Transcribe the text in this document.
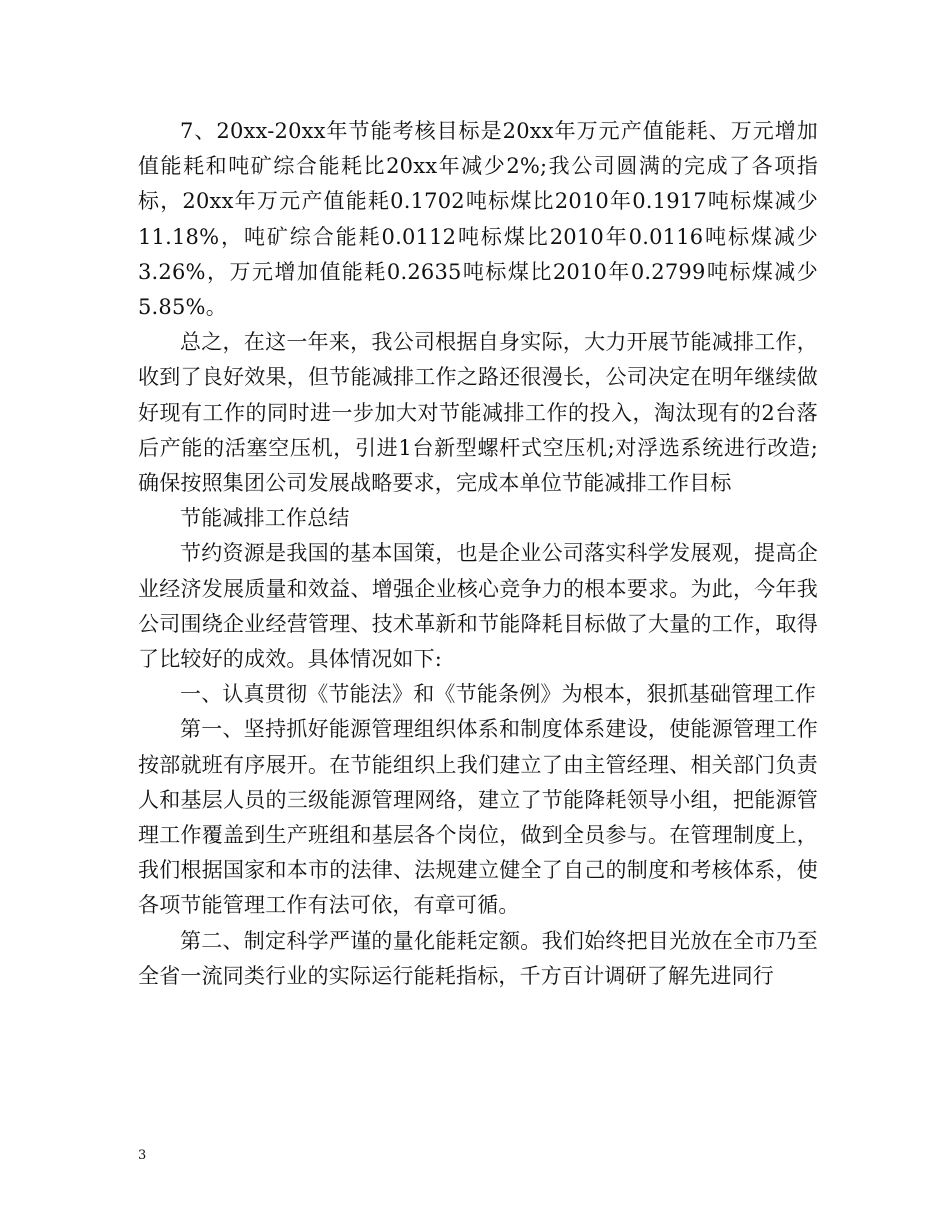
7、20xx-20xx年节能考核目标是20xx年万元产值能耗、万元增加值能耗和吨矿综合能耗比20xx年减少2%;我公司圆满的完成了各项指标，20xx年万元产值能耗0.1702吨标煤比2010年0.1917吨标煤减少11.18%，吨矿综合能耗0.0112吨标煤比2010年0.0116吨标煤减少3.26%，万元增加值能耗0.2635吨标煤比2010年0.2799吨标煤减少5.85%。

总之，在这一年来，我公司根据自身实际，大力开展节能减排工作，收到了良好效果，但节能减排工作之路还很漫长，公司决定在明年继续做好现有工作的同时进一步加大对节能减排工作的投入，淘汰现有的2台落后产能的活塞空压机，引进1台新型螺杆式空压机;对浮选系统进行改造;确保按照集团公司发展战略要求，完成本单位节能减排工作目标

节能减排工作总结

节约资源是我国的基本国策，也是企业公司落实科学发展观，提高企业经济发展质量和效益、增强企业核心竞争力的根本要求。为此，今年我公司围绕企业经营管理、技术革新和节能降耗目标做了大量的工作，取得了比较好的成效。具体情况如下:

一、认真贯彻《节能法》和《节能条例》为根本，狠抓基础管理工作

第一、坚持抓好能源管理组织体系和制度体系建设，使能源管理工作按部就班有序展开。在节能组织上我们建立了由主管经理、相关部门负责人和基层人员的三级能源管理网络，建立了节能降耗领导小组，把能源管理工作覆盖到生产班组和基层各个岗位，做到全员参与。在管理制度上，我们根据国家和本市的法律、法规建立健全了自己的制度和考核体系，使各项节能管理工作有法可依，有章可循。

第二、制定科学严谨的量化能耗定额。我们始终把目光放在全市乃至全省一流同类行业的实际运行能耗指标，千方百计调研了解先进同行

3
